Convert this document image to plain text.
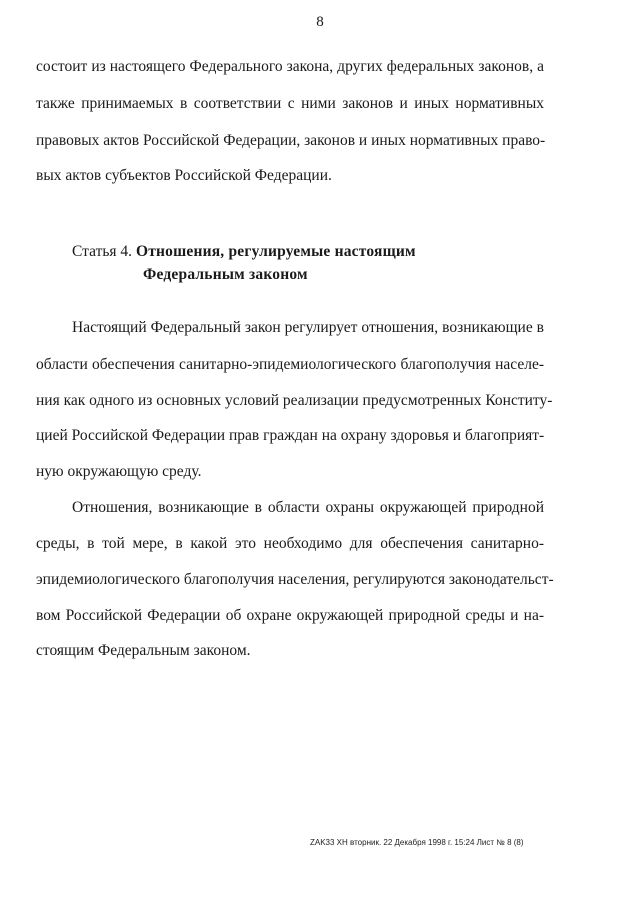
8
состоит из настоящего Федерального закона, других федеральных законов, а
также принимаемых в соответствии с ними законов и иных нормативных
правовых актов Российской Федерации, законов и иных нормативных право-
вых актов субъектов Российской Федерации.
Статья 4. Отношения, регулируемые настоящим
Федеральным законом
Настоящий Федеральный закон регулирует отношения, возникающие в
области обеспечения санитарно-эпидемиологического благополучия населе-
ния как одного из основных условий реализации предусмотренных Конститу-
цией Российской Федерации прав граждан на охрану здоровья и благоприят-
ную окружающую среду.
Отношения, возникающие в области охраны окружающей природной
среды, в той мере, в какой это необходимо для обеспечения санитарно-
эпидемиологического благополучия населения, регулируются законодательст-
вом Российской Федерации об охране окружающей природной среды и на-
стоящим Федеральным законом.
ZAK33 XH вторник. 22 Декабря 1998 г. 15:24 Лист № 8 (8)
